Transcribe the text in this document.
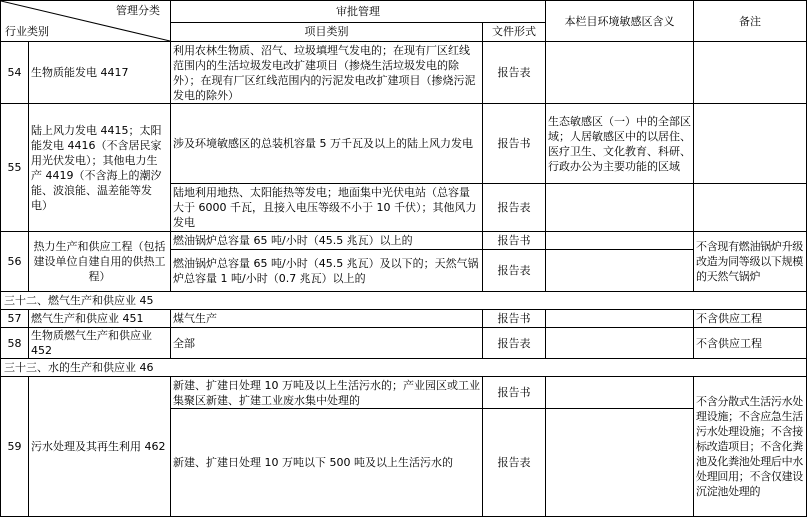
管理分类
行业类别		审批管理		本栏目环境敏感区含义	备注
		项目类别	文件形式		
54	生物质能发电 4417	利用农林生物质、沼气、垃圾填埋气发电的；在现有厂区红线范围内的生活垃圾发电改扩建项目（掺烧生活垃圾发电的除外）；在现有厂区红线范围内的污泥发电改扩建项目（掺烧污泥发电的除外）	报告表		
55	陆上风力发电 4415；太阳能发电 4416（不含居民家用光伏发电）；其他电力生产 4419（不含海上的潮汐能、波浪能、温差能等发电）	涉及环境敏感区的总装机容量 5 万千瓦及以上的陆上风力发电	报告书	生态敏感区（一）中的全部区域；人居敏感区中的以居住、医疗卫生、文化教育、科研、行政办公为主要功能的区域	
		陆地利用地热、太阳能热等发电；地面集中光伏电站（总容量大于 6000 千瓦，且接入电压等级不小于 10 千伏）；其他风力发电	报告表		
56	热力生产和供应工程（包括建设单位自建自用的供热工程）	燃油锅炉总容量 65 吨/小时（45.5 兆瓦）以上的	报告书		不含现有燃油锅炉升级改造为同等级以下规模的天然气锅炉
		燃油锅炉总容量 65 吨/小时（45.5 兆瓦）及以下的；天然气锅炉总容量 1 吨/小时（0.7 兆瓦）以上的	报告表		
三十二、燃气生产和供应业 45					
57	燃气生产和供应业 451	煤气生产	报告书		不含供应工程
58	生物质燃气生产和供应业 452	全部	报告表		不含供应工程
三十三、水的生产和供应业 46					
59	污水处理及其再生利用 462	新建、扩建日处理 10 万吨及以上生活污水的；产业园区或工业集聚区新建、扩建工业废水集中处理的	报告书		不含分散式生活污水处理设施；不含应急生活污水处理设施；不含接标改造项目；不含化粪池及化粪池处理后中水处理回用；不含仅建设沉淀池处理的
		新建、扩建日处理 10 万吨以下 500 吨及以上生活污水的	报告表		
